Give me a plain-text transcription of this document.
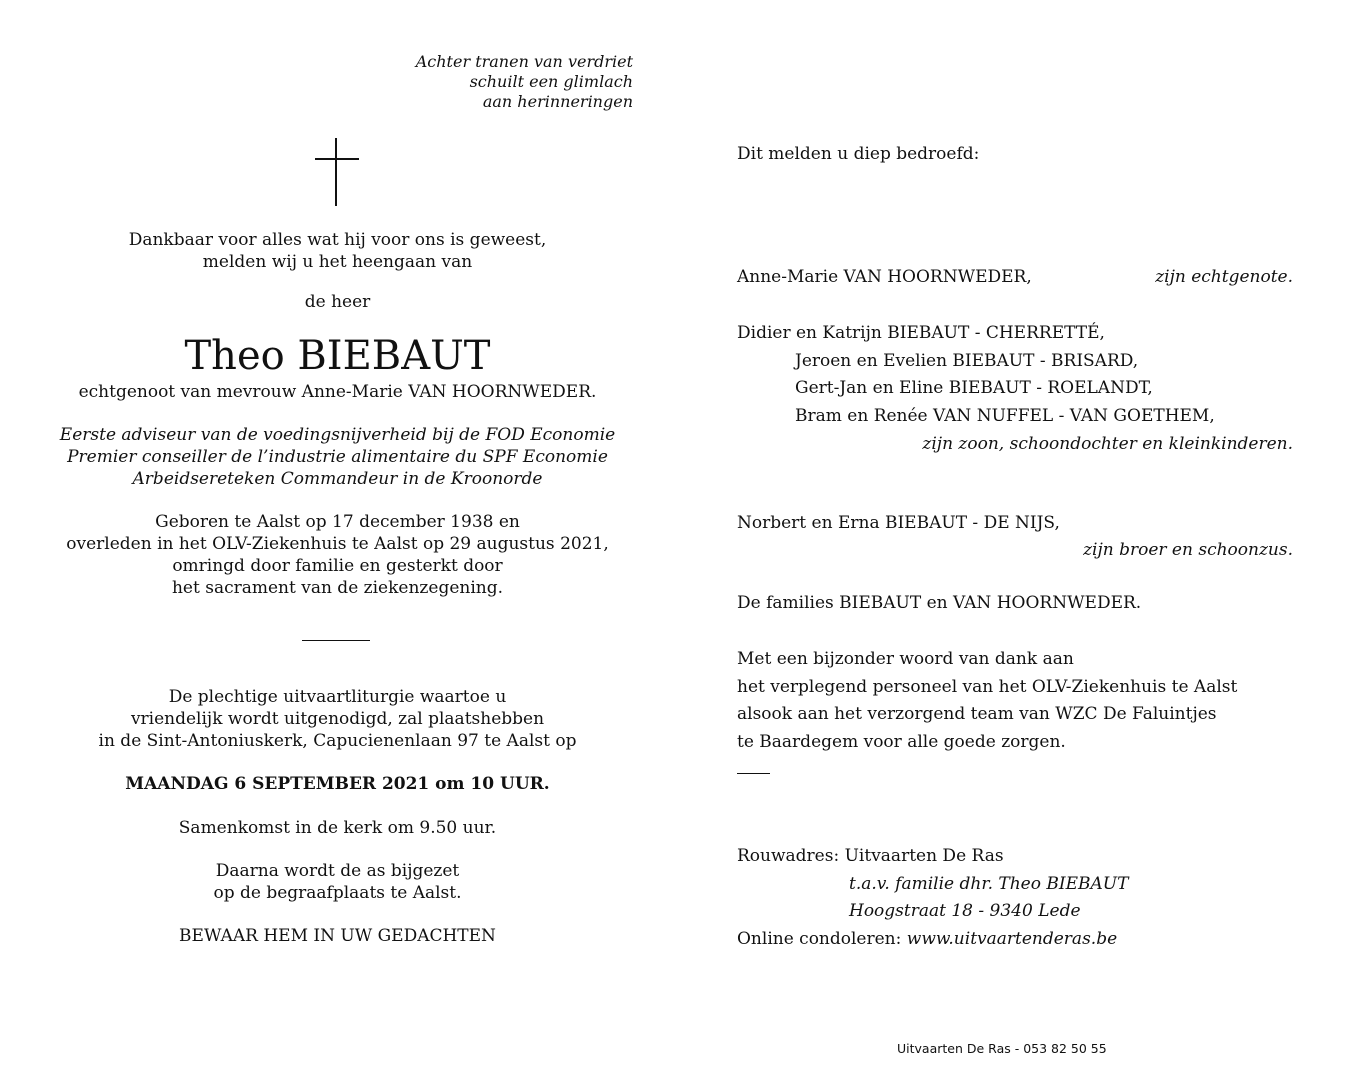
Achter tranen van verdriet
schuilt een glimlach
aan herinneringen
Dankbaar voor alles wat hij voor ons is geweest,
melden wij u het heengaan van
de heer
Theo BIEBAUT
echtgenoot van mevrouw Anne-Marie VAN HOORNWEDER.
Eerste adviseur van de voedingsnijverheid bij de FOD Economie
Premier conseiller de l’industrie alimentaire du SPF Economie
Arbeidsereteken Commandeur in de Kroonorde
Geboren te Aalst op 17 december 1938 en
overleden in het OLV-Ziekenhuis te Aalst op 29 augustus 2021,
omringd door familie en gesterkt door
het sacrament van de ziekenzegening.
De plechtige uitvaartliturgie waartoe u
vriendelijk wordt uitgenodigd, zal plaatshebben
in de Sint-Antoniuskerk, Capucienenlaan 97 te Aalst op
MAANDAG 6 SEPTEMBER 2021 om 10 UUR.
Samenkomst in de kerk om 9.50 uur.
Daarna wordt de as bijgezet
op de begraafplaats te Aalst.
BEWAAR HEM IN UW GEDACHTEN
Dit melden u diep bedroefd:
Anne-Marie VAN HOORNWEDER,	zijn echtgenote.
Didier en Katrijn BIEBAUT - CHERRETTÉ,
Jeroen en Evelien BIEBAUT - BRISARD,
Gert-Jan en Eline BIEBAUT - ROELANDT,
Bram en Renée VAN NUFFEL - VAN GOETHEM,
zijn zoon, schoondochter en kleinkinderen.
Norbert en Erna BIEBAUT - DE NIJS,
zijn broer en schoonzus.
De families BIEBAUT en VAN HOORNWEDER.
Met een bijzonder woord van dank aan
het verplegend personeel van het OLV-Ziekenhuis te Aalst
alsook aan het verzorgend team van WZC De Faluintjes
te Baardegem voor alle goede zorgen.
Rouwadres: Uitvaarten De Ras
t.a.v. familie dhr. Theo BIEBAUT
Hoogstraat 18 - 9340 Lede
Online condoleren: www.uitvaartenderas.be
Uitvaarten De Ras - 053 82 50 55
